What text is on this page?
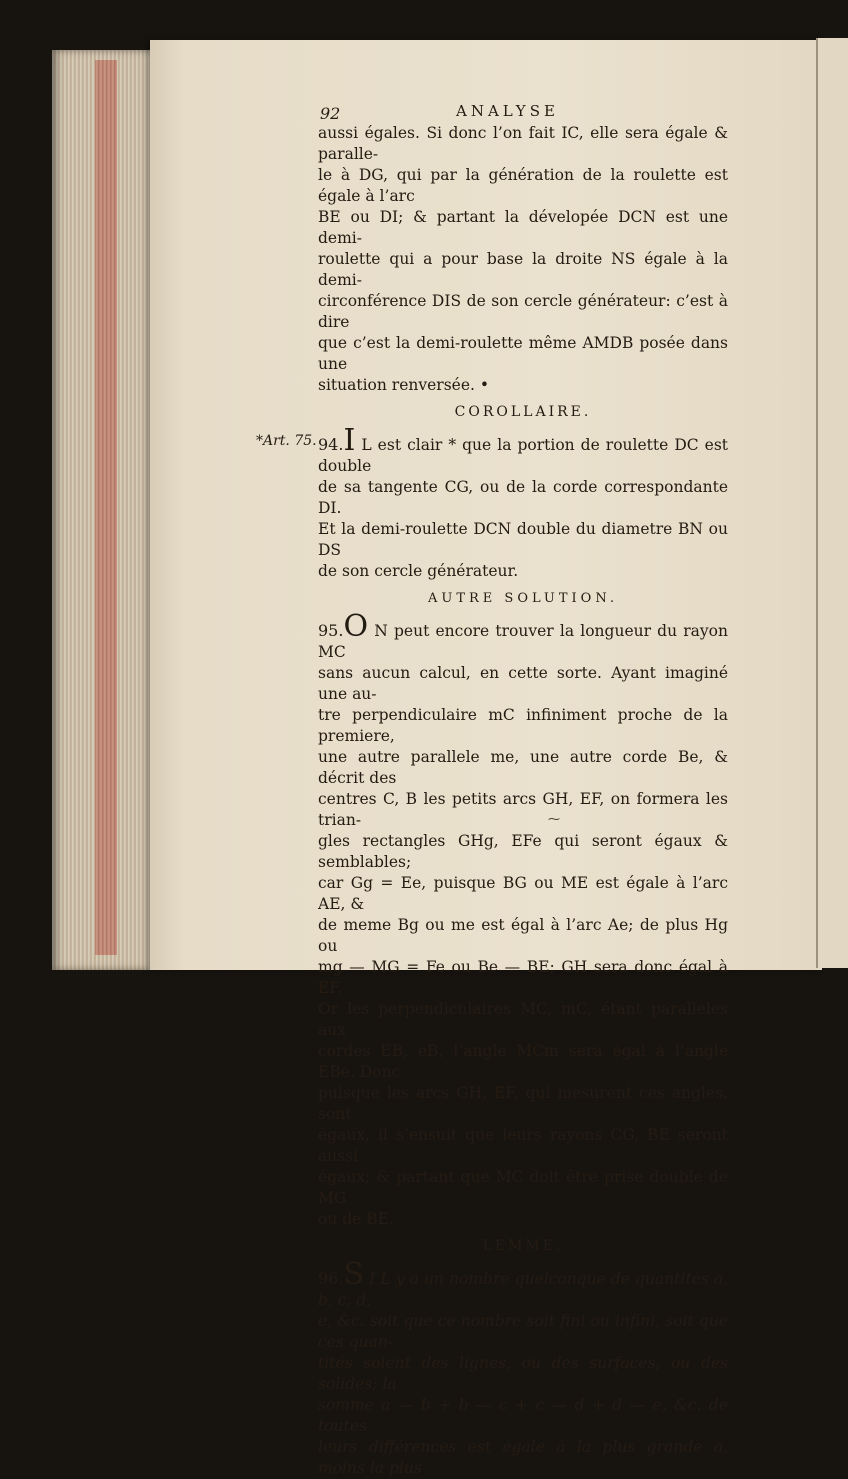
92	ANALYSE

aussi égales. Si donc l’on fait IC, elle sera égale & paralle-

le à DG, qui par la génération de la roulette est égale à l’arc

BE ou DI; & partant la dévelopée DCN est une demi-

roulette qui a pour base la droite NS égale à la demi-

circonférence DIS de son cercle générateur: c’est à dire

que c’est la demi-roulette même AMDB posée dans une

situation renversée. •

COROLLAIRE.
*Art. 75. 94.I L est clair * que la portion de roulette DC est double

de sa tangente CG, ou de la corde correspondante DI.

Et la demi-roulette DCN double du diametre BN ou DS

de son cercle générateur.

AUTRE SOLUTION.

95.O N peut encore trouver la longueur du rayon MC

sans aucun calcul, en cette sorte. Ayant imaginé une au-

tre perpendiculaire mC infiniment proche de la premiere,

une autre parallele me, une autre corde Be, & décrit des

centres C, B les petits arcs GH, EF, on formera les trian-

gles rectangles GHg, EFe qui seront égaux & semblables;

car Gg = Ee, puisque BG ou ME est égale à l’arc AE, &

de meme Bg ou me est égal à l’arc Ae; de plus Hg ou

mg — MG = Fe ou Be — BE; GH sera donc égal à EF.

Or les perpendiculaires MC, mC, étant paralleles aux

cordes EB, eB, l’angle MCm sera égal à l’angle EBe. Donc

puisque les arcs GH, EF, qui mesurent ces angles, sont

égaux, il s’ensuit que leurs rayons CG, BE seront aussi

égaux; & partant que MC doit être prise double de MG

ou de BE.

LEMME.

96.S I L y a un nombre quelconque de quantités a, b, c, d,

e, &c. soit que ce nombre soit fini ou infini, soit que ces quan-

tités soient des lignes, ou des surfaces, ou des solides; la

somme a — b + b — c + c — d + d — e, &c. de toutes

leurs différences est égale à la plus grande a, moins la plus

⁓
